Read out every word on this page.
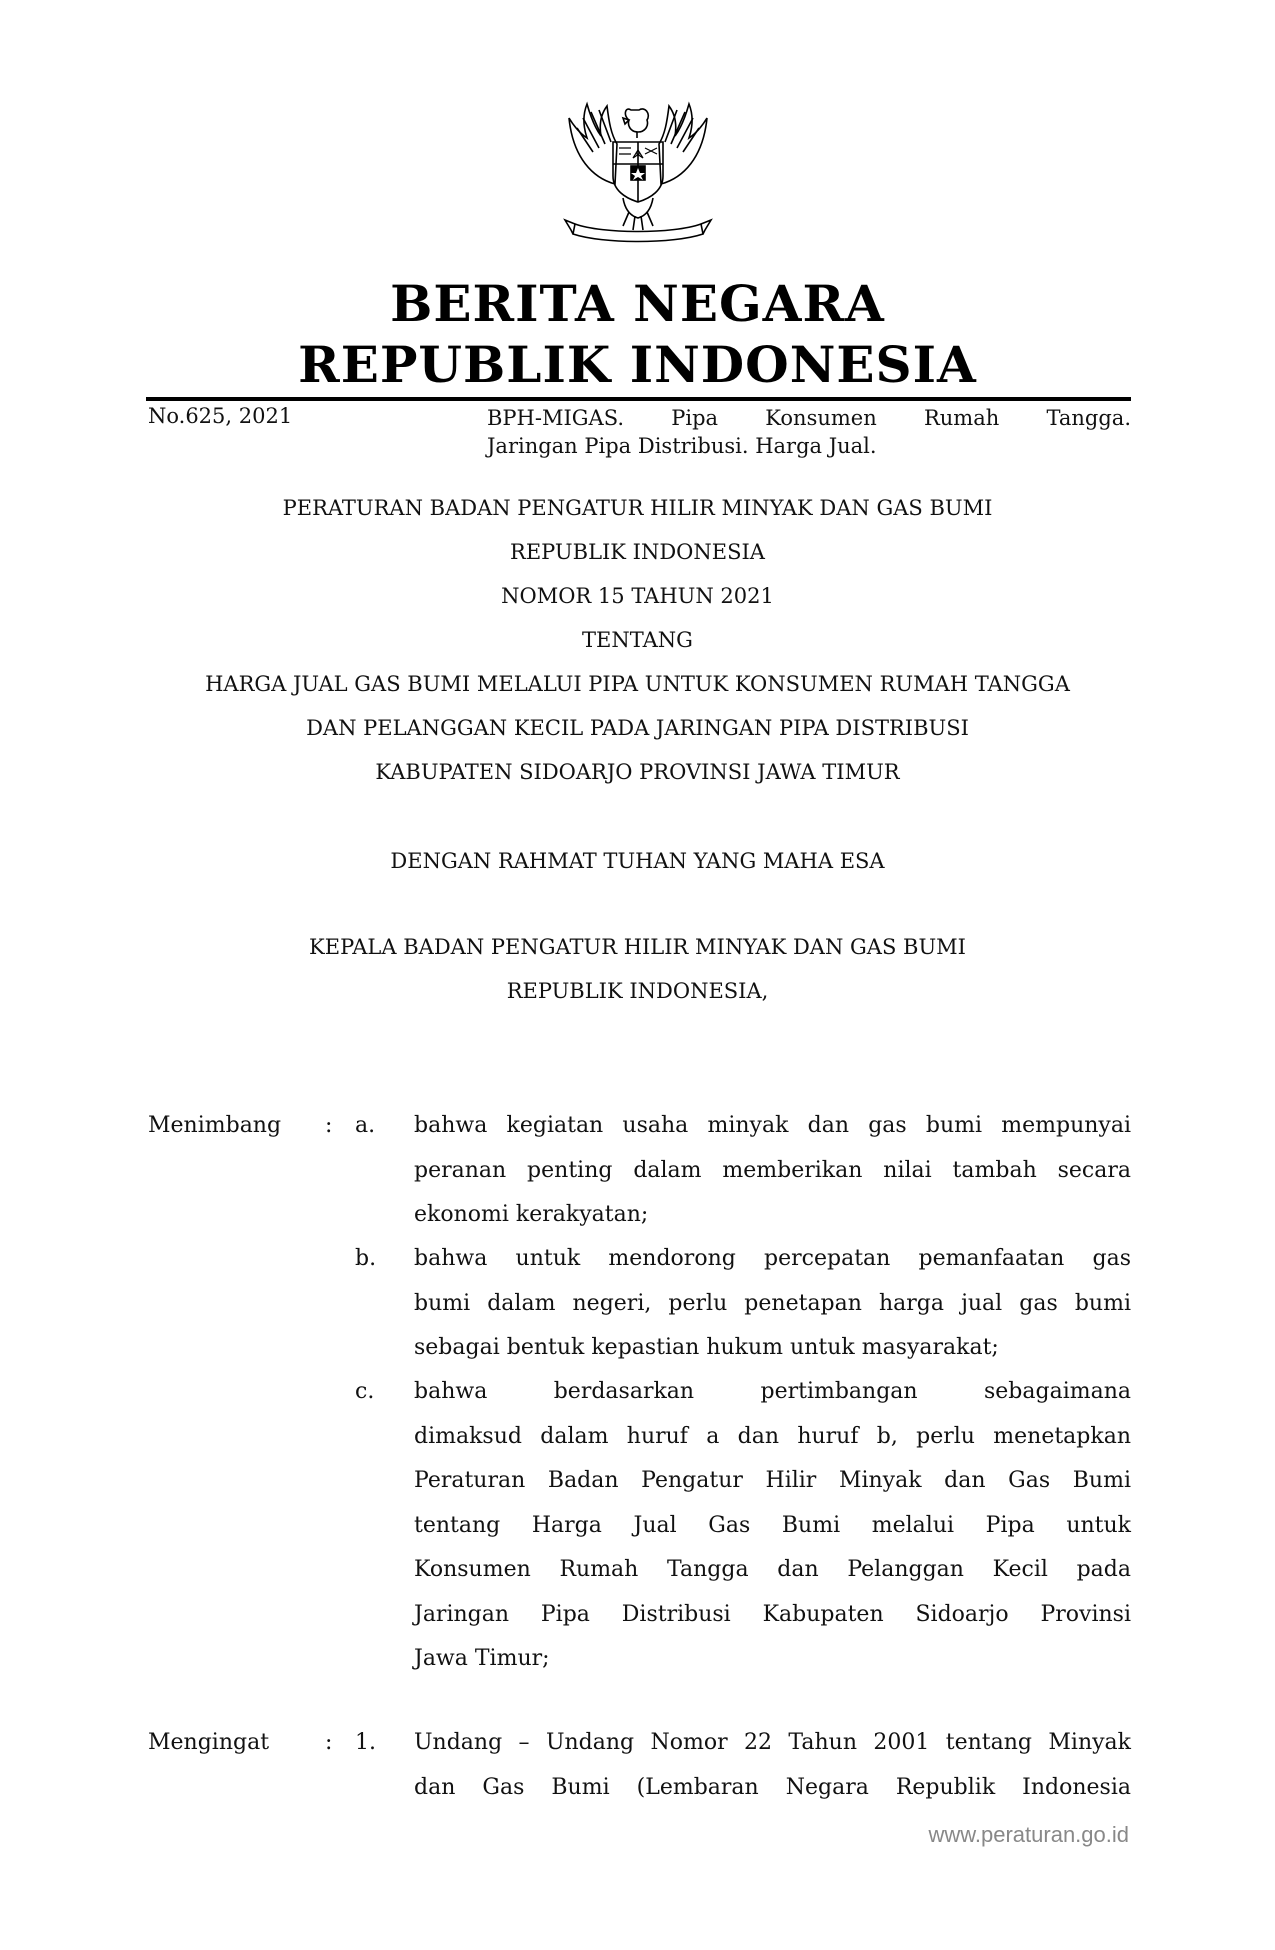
BERITA NEGARA
REPUBLIK INDONESIA
No.625, 2021	BPH-MIGAS. Pipa Konsumen Rumah Tangga.
Jaringan Pipa Distribusi. Harga Jual.
PERATURAN BADAN PENGATUR HILIR MINYAK DAN GAS BUMI
REPUBLIK INDONESIA
NOMOR 15 TAHUN 2021
TENTANG
HARGA JUAL GAS BUMI MELALUI PIPA UNTUK KONSUMEN RUMAH TANGGA
DAN PELANGGAN KECIL PADA JARINGAN PIPA DISTRIBUSI
KABUPATEN SIDOARJO PROVINSI JAWA TIMUR
DENGAN RAHMAT TUHAN YANG MAHA ESA
KEPALA BADAN PENGATUR HILIR MINYAK DAN GAS BUMI
REPUBLIK INDONESIA,
Menimbang : a. bahwa kegiatan usaha minyak dan gas bumi mempunyai
peranan penting dalam memberikan nilai tambah secara
ekonomi kerakyatan;
b. bahwa untuk mendorong percepatan pemanfaatan gas
bumi dalam negeri, perlu penetapan harga jual gas bumi
sebagai bentuk kepastian hukum untuk masyarakat;
c. bahwa berdasarkan pertimbangan sebagaimana
dimaksud dalam huruf a dan huruf b, perlu menetapkan
Peraturan Badan Pengatur Hilir Minyak dan Gas Bumi
tentang Harga Jual Gas Bumi melalui Pipa untuk
Konsumen Rumah Tangga dan Pelanggan Kecil pada
Jaringan Pipa Distribusi Kabupaten Sidoarjo Provinsi
Jawa Timur;
Mengingat	: 1. Undang – Undang Nomor 22 Tahun 2001 tentang Minyak
dan Gas Bumi (Lembaran Negara Republik Indonesia
www.peraturan.go.id
